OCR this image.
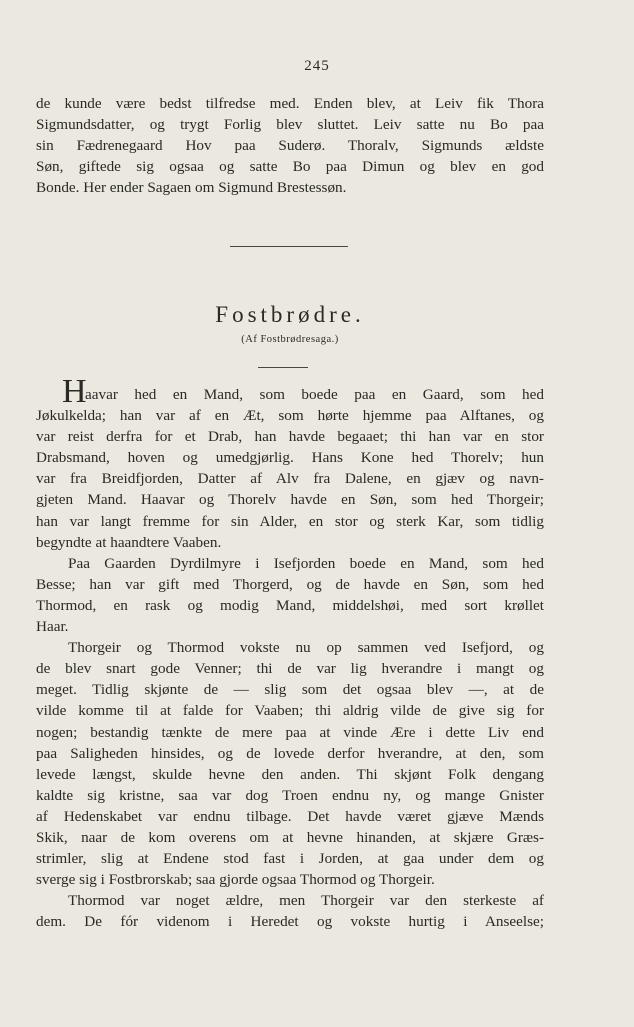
245
de kunde være bedst tilfredse med. Enden blev, at Leiv fik Thora
Sigmundsdatter, og trygt Forlig blev sluttet. Leiv satte nu Bo paa
sin Fædrenegaard Hov paa Suderø. Thoralv, Sigmunds ældste
Søn, giftede sig ogsaa og satte Bo paa Dimun og blev en god
Bonde. Her ender Sagaen om Sigmund Brestessøn.
Fostbrødre.
(Af Fostbrødresaga.)
H
aavar hed en Mand, som boede paa en Gaard, som hed
Jøkulkelda; han var af en Æt, som hørte hjemme paa Alftanes, og
var reist derfra for et Drab, han havde begaaet; thi han var en stor
Drabsmand, hoven og umedgjørlig. Hans Kone hed Thorelv; hun
var fra Breidfjorden, Datter af Alv fra Dalene, en gjæv og navn-
gjeten Mand. Haavar og Thorelv havde en Søn, som hed Thorgeir;
han var langt fremme for sin Alder, en stor og sterk Kar, som tidlig
begyndte at haandtere Vaaben.
Paa Gaarden Dyrdilmyre i Isefjorden boede en Mand, som hed
Besse; han var gift med Thorgerd, og de havde en Søn, som hed
Thormod, en rask og modig Mand, middelshøi, med sort krøllet
Haar.
Thorgeir og Thormod vokste nu op sammen ved Isefjord, og
de blev snart gode Venner; thi de var lig hverandre i mangt og
meget. Tidlig skjønte de — slig som det ogsaa blev —, at de
vilde komme til at falde for Vaaben; thi aldrig vilde de give sig for
nogen; bestandig tænkte de mere paa at vinde Ære i dette Liv end
paa Saligheden hinsides, og de lovede derfor hverandre, at den, som
levede længst, skulde hevne den anden. Thi skjønt Folk dengang
kaldte sig kristne, saa var dog Troen endnu ny, og mange Gnister
af Hedenskabet var endnu tilbage. Det havde været gjæve Mænds
Skik, naar de kom overens om at hevne hinanden, at skjære Græs-
strimler, slig at Endene stod fast i Jorden, at gaa under dem og
sverge sig i Fostbrorskab; saa gjorde ogsaa Thormod og Thorgeir.
Thormod var noget ældre, men Thorgeir var den sterkeste af
dem. De fór videnom i Heredet og vokste hurtig i Anseelse;
